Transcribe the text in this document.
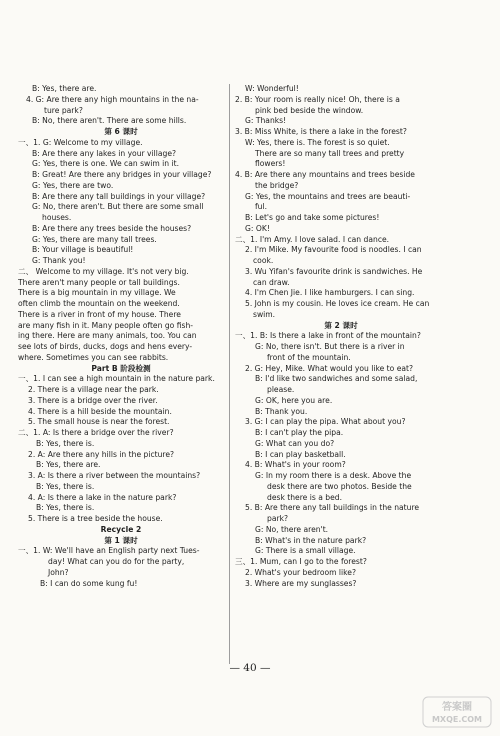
B: Yes, there are.
4. G: Are there any high mountains in the na-
ture park?
B: No, there aren't. There are some hills.
第 6 课时
一、1. G: Welcome to my village.
B: Are there any lakes in your village?
G: Yes, there is one. We can swim in it.
B: Great! Are there any bridges in your village?
G: Yes, there are two.
B: Are there any tall buildings in your village?
G: No, there aren't. But there are some small
houses.
B: Are there any trees beside the houses?
G: Yes, there are many tall trees.
B: Your village is beautiful!
G: Thank you!
二、 Welcome to my village. It's not very big.
There aren't many people or tall buildings.
There is a big mountain in my village. We
often climb the mountain on the weekend.
There is a river in front of my house. There
are many fish in it. Many people often go fish-
ing there. Here are many animals, too. You can
see lots of birds, ducks, dogs and hens every-
where. Sometimes you can see rabbits.
Part B 阶段检测
一、1. I can see a high mountain in the nature park.
2. There is a village near the park.
3. There is a bridge over the river.
4. There is a hill beside the mountain.
5. The small house is near the forest.
二、1. A: Is there a bridge over the river?
B: Yes, there is.
2. A: Are there any hills in the picture?
B: Yes, there are.
3. A: Is there a river between the mountains?
B: Yes, there is.
4. A: Is there a lake in the nature park?
B: Yes, there is.
5. There is a tree beside the house.
Recycle 2
第 1 课时
一、1. W: We'll have an English party next Tues-
day! What can you do for the party,
John?
B: I can do some kung fu!
W: Wonderful!
2. B: Your room is really nice! Oh, there is a
pink bed beside the window.
G: Thanks!
3. B: Miss White, is there a lake in the forest?
W: Yes, there is. The forest is so quiet.
There are so many tall trees and pretty
flowers!
4. B: Are there any mountains and trees beside
the bridge?
G: Yes, the mountains and trees are beauti-
ful.
B: Let's go and take some pictures!
G: OK!
二、1. I'm Amy. I love salad. I can dance.
2. I'm Mike. My favourite food is noodles. I can
cook.
3. Wu Yifan's favourite drink is sandwiches. He
can draw.
4. I'm Chen Jie. I like hamburgers. I can sing.
5. John is my cousin. He loves ice cream. He can
swim.
第 2 课时
一、1. B: Is there a lake in front of the mountain?
G: No, there isn't. But there is a river in
front of the mountain.
2. G: Hey, Mike. What would you like to eat?
B: I'd like two sandwiches and some salad,
please.
G: OK, here you are.
B: Thank you.
3. G: I can play the pipa. What about you?
B: I can't play the pipa.
G: What can you do?
B: I can play basketball.
4. B: What's in your room?
G: In my room there is a desk. Above the
desk there are two photos. Beside the
desk there is a bed.
5. B: Are there any tall buildings in the nature
park?
G: No, there aren't.
B: What's in the nature park?
G: There is a small village.
三、1. Mum, can I go to the forest?
2. What's your bedroom like?
3. Where are my sunglasses?
— 40 —
答案圈
MXQE.COM
